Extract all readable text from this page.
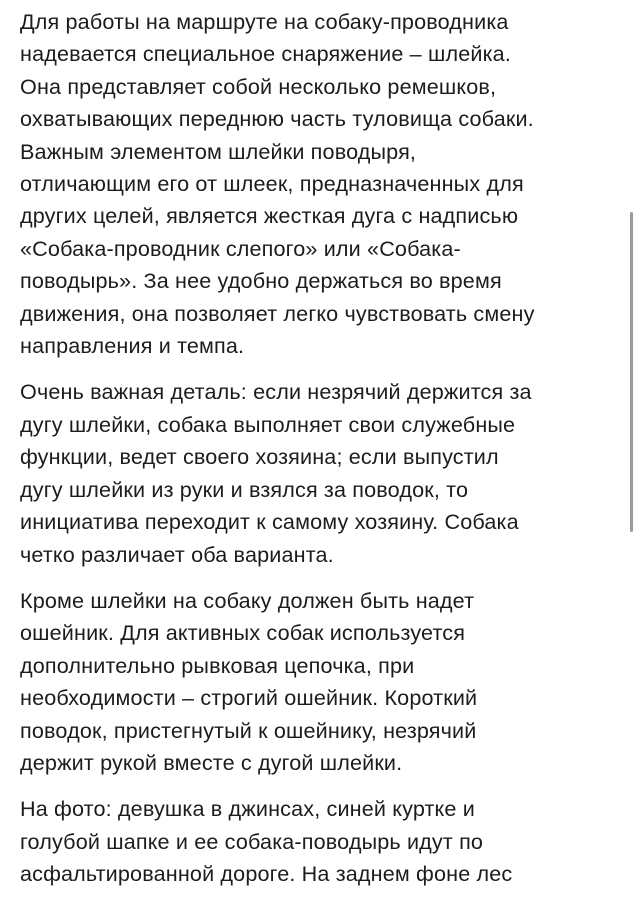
Для работы на маршруте на собаку-проводника
надевается специальное снаряжение – шлейка.
Она представляет собой несколько ремешков,
охватывающих переднюю часть туловища собаки.
Важным элементом шлейки поводыря,
отличающим его от шлеек, предназначенных для
других целей, является жесткая дуга с надписью
«Собака-проводник слепого» или «Собака-
поводырь». За нее удобно держаться во время
движения, она позволяет легко чувствовать смену
направления и темпа.

Очень важная деталь: если незрячий держится за
дугу шлейки, собака выполняет свои служебные
функции, ведет своего хозяина; если выпустил
дугу шлейки из руки и взялся за поводок, то
инициатива переходит к самому хозяину. Собака
четко различает оба варианта.

Кроме шлейки на собаку должен быть надет
ошейник. Для активных собак используется
дополнительно рывковая цепочка, при
необходимости – строгий ошейник. Короткий
поводок, пристегнутый к ошейнику, незрячий
держит рукой вместе с дугой шлейки.

На фото: девушка в джинсах, синей куртке и
голубой шапке и ее собака-поводырь идут по
асфальтированной дороге. На заднем фоне лес
